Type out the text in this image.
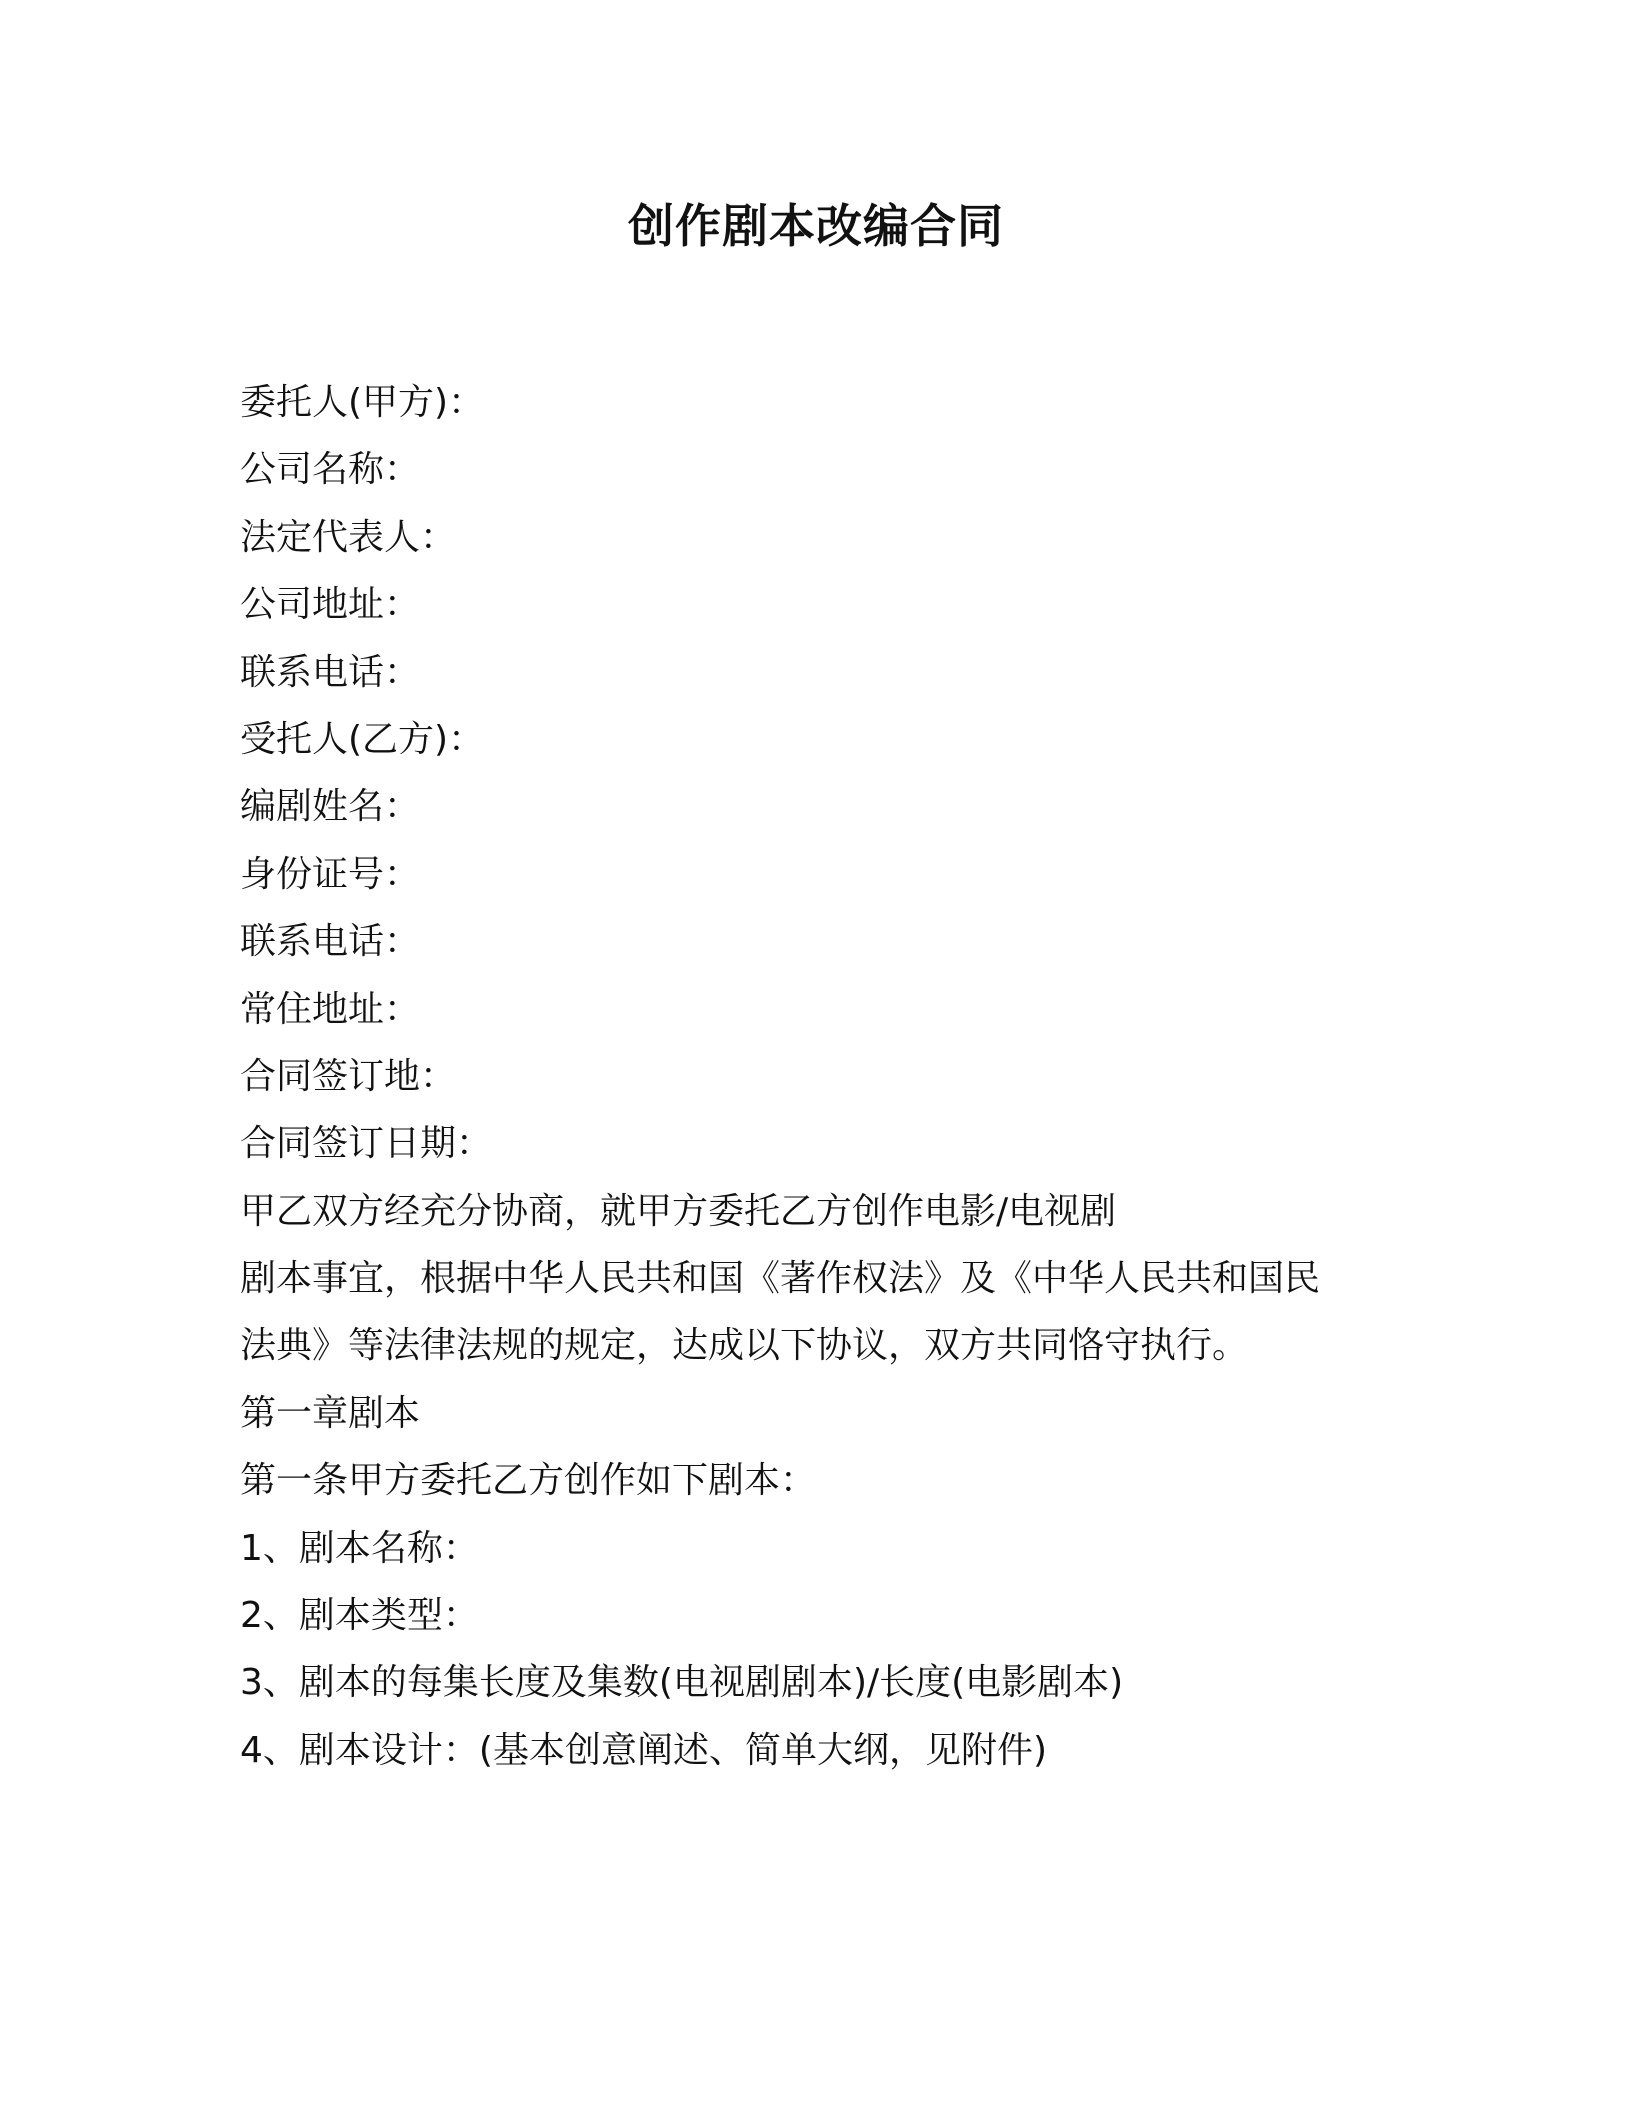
创作剧本改编合同

委托人(甲方)：

公司名称：

法定代表人：

公司地址：

联系电话：

受托人(乙方)：

编剧姓名：

身份证号：

联系电话：

常住地址：

合同签订地：

合同签订日期：

甲乙双方经充分协商，就甲方委托乙方创作电影/电视剧

剧本事宜，根据中华人民共和国《著作权法》及《中华人民共和国民

法典》等法律法规的规定，达成以下协议，双方共同恪守执行。

第一章剧本

第一条甲方委托乙方创作如下剧本：

1、剧本名称：

2、剧本类型：

3、剧本的每集长度及集数(电视剧剧本)/长度(电影剧本)

4、剧本设计：(基本创意阐述、简单大纲，见附件)
